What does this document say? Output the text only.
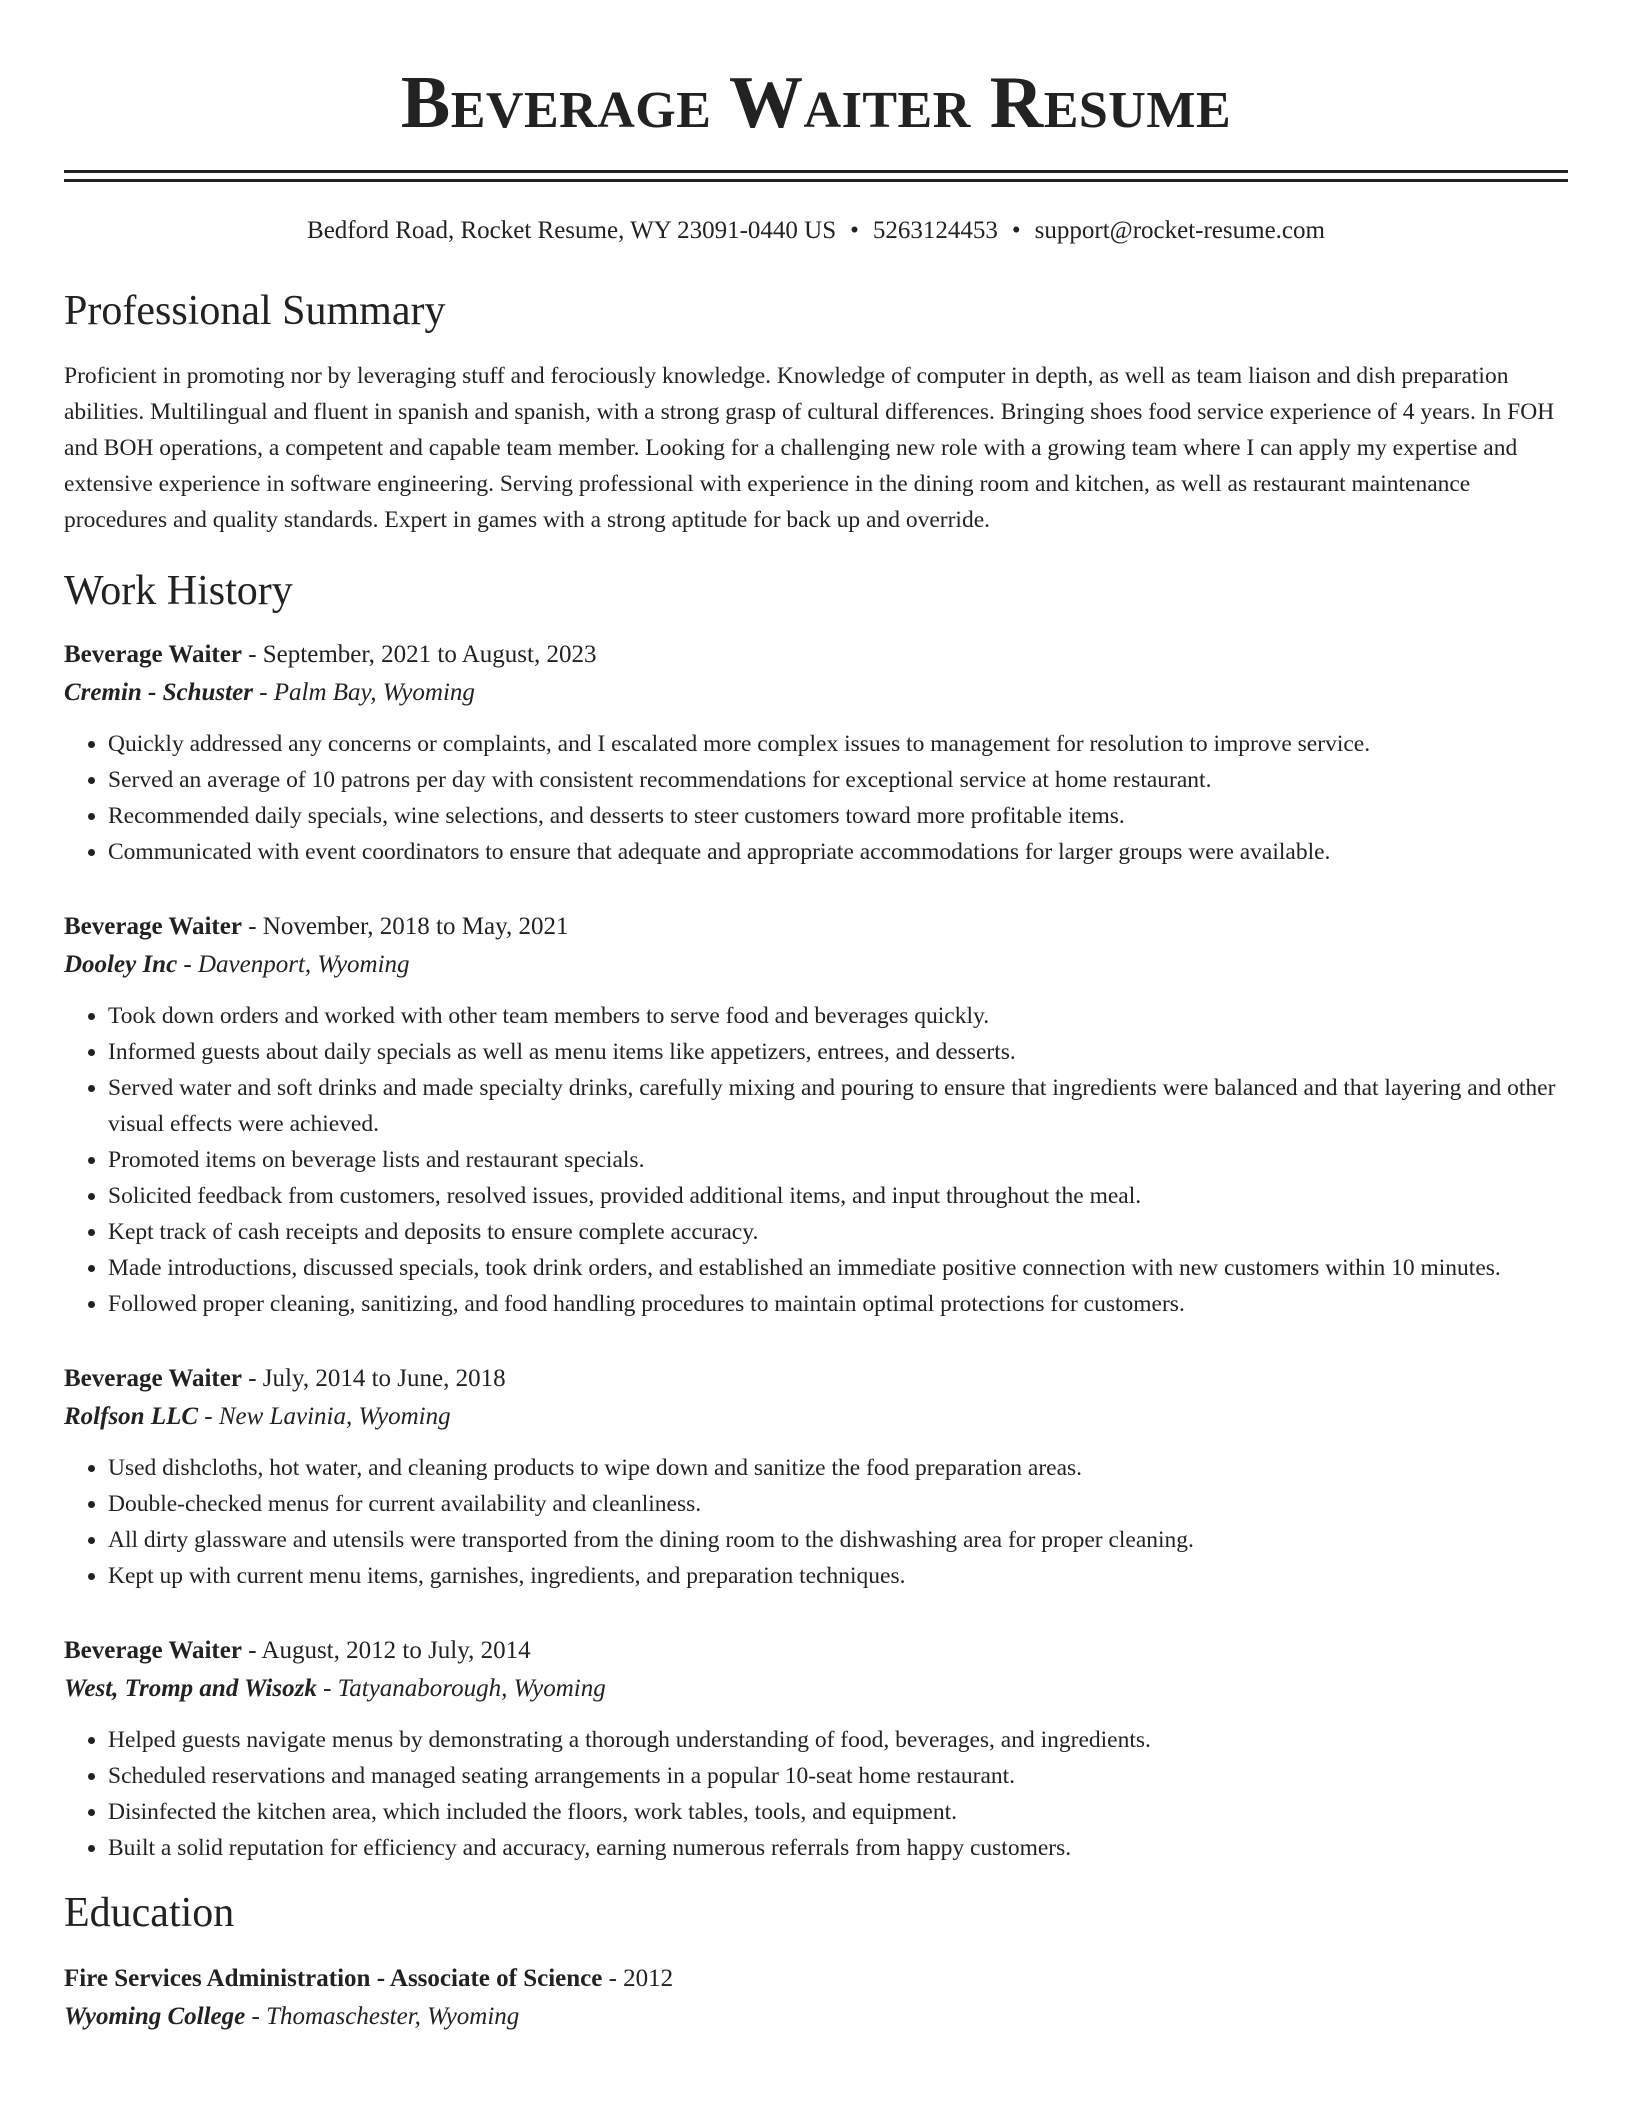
Beverage Waiter Resume
Bedford Road, Rocket Resume, WY 23091-0440 US • 5263124453 • support@rocket-resume.com
Professional Summary

Proficient in promoting nor by leveraging stuff and ferociously knowledge. Knowledge of computer in depth, as well as team liaison and dish preparation abilities. Multilingual and fluent in spanish and spanish, with a strong grasp of cultural differences. Bringing shoes food service experience of 4 years. In FOH and BOH operations, a competent and capable team member. Looking for a challenging new role with a growing team where I can apply my expertise and extensive experience in software engineering. Serving professional with experience in the dining room and kitchen, as well as restaurant maintenance procedures and quality standards. Expert in games with a strong aptitude for back up and override.

Work History
Beverage Waiter - September, 2021 to August, 2023
Cremin - Schuster - Palm Bay, Wyoming
• Quickly addressed any concerns or complaints, and I escalated more complex issues to management for resolution to improve service.
• Served an average of 10 patrons per day with consistent recommendations for exceptional service at home restaurant.
• Recommended daily specials, wine selections, and desserts to steer customers toward more profitable items.
• Communicated with event coordinators to ensure that adequate and appropriate accommodations for larger groups were available.
Beverage Waiter - November, 2018 to May, 2021
Dooley Inc - Davenport, Wyoming
• Took down orders and worked with other team members to serve food and beverages quickly.
• Informed guests about daily specials as well as menu items like appetizers, entrees, and desserts.
• Served water and soft drinks and made specialty drinks, carefully mixing and pouring to ensure that ingredients were balanced and that layering and other visual effects were achieved.
• Promoted items on beverage lists and restaurant specials.
• Solicited feedback from customers, resolved issues, provided additional items, and input throughout the meal.
• Kept track of cash receipts and deposits to ensure complete accuracy.
• Made introductions, discussed specials, took drink orders, and established an immediate positive connection with new customers within 10 minutes.
• Followed proper cleaning, sanitizing, and food handling procedures to maintain optimal protections for customers.
Beverage Waiter - July, 2014 to June, 2018
Rolfson LLC - New Lavinia, Wyoming
• Used dishcloths, hot water, and cleaning products to wipe down and sanitize the food preparation areas.
• Double-checked menus for current availability and cleanliness.
• All dirty glassware and utensils were transported from the dining room to the dishwashing area for proper cleaning.
• Kept up with current menu items, garnishes, ingredients, and preparation techniques.
Beverage Waiter - August, 2012 to July, 2014
West, Tromp and Wisozk - Tatyanaborough, Wyoming
• Helped guests navigate menus by demonstrating a thorough understanding of food, beverages, and ingredients.
• Scheduled reservations and managed seating arrangements in a popular 10-seat home restaurant.
• Disinfected the kitchen area, which included the floors, work tables, tools, and equipment.
• Built a solid reputation for efficiency and accuracy, earning numerous referrals from happy customers.
Education
Fire Services Administration - Associate of Science - 2012
Wyoming College - Thomaschester, Wyoming
